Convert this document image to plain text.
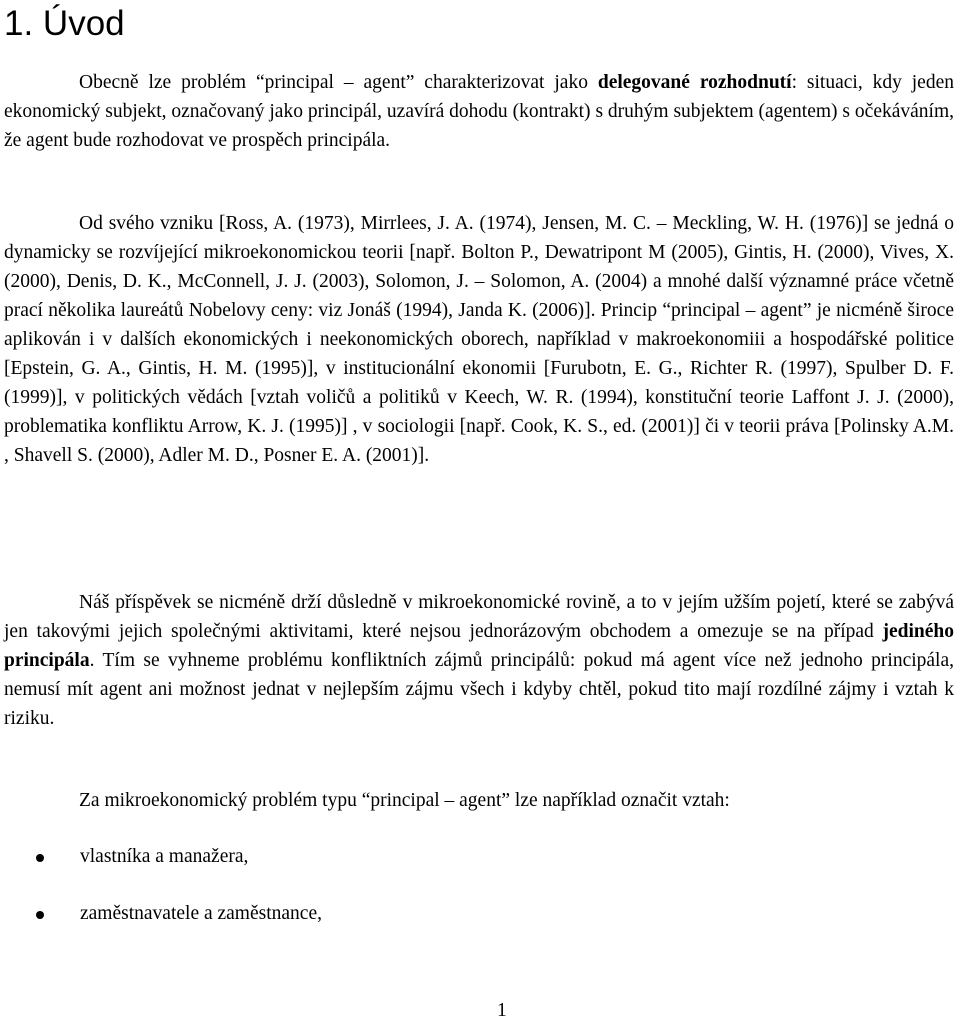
1. Úvod

Obecně lze problém “principal – agent” charakterizovat jako delegované rozhodnutí: situaci, kdy jeden ekonomický subjekt, označovaný jako principál, uzavírá dohodu (kontrakt) s druhým subjektem (agentem) s očekáváním, že agent bude rozhodovat ve prospěch principála.

Od svého vzniku [Ross, A. (1973), Mirrlees, J. A. (1974), Jensen, M. C. – Meckling, W. H. (1976)] se jedná o dynamicky se rozvíjející mikroekonomickou teorii [např. Bolton P., Dewatripont M (2005), Gintis, H. (2000), Vives, X. (2000), Denis, D. K., McConnell, J. J. (2003), Solomon, J. – Solomon, A. (2004) a mnohé další významné práce včetně prací několika laureátů Nobelovy ceny: viz Jonáš (1994), Janda K. (2006)]. Princip “principal – agent” je nicméně široce aplikován i v dalších ekonomických i neekonomických oborech, například v makroekonomiii a hospodářské politice [Epstein, G. A., Gintis, H. M. (1995)], v institucionální ekonomii [Furubotn, E. G., Richter R. (1997), Spulber D. F. (1999)], v politických vědách [vztah voličů a politiků v Keech, W. R. (1994), konstituční teorie Laffont J. J. (2000), problematika konfliktu Arrow, K. J. (1995)] , v sociologii [např. Cook, K. S., ed. (2001)] či v teorii práva [Polinsky A.M. , Shavell S. (2000), Adler M. D., Posner E. A. (2001)].

Náš příspěvek se nicméně drží důsledně v mikroekonomické rovině, a to v jejím užším pojetí, které se zabývá jen takovými jejich společnými aktivitami, které nejsou jednorázovým obchodem a omezuje se na případ jediného principála. Tím se vyhneme problému konfliktních zájmů principálů: pokud má agent více než jednoho principála, nemusí mít agent ani možnost jednat v nejlepším zájmu všech i kdyby chtěl, pokud tito mají rozdílné zájmy i vztah k riziku.

Za mikroekonomický problém typu “principal – agent” lze například označit vztah:

vlastníka a manažera,
zaměstnavatele a zaměstnance,
1
